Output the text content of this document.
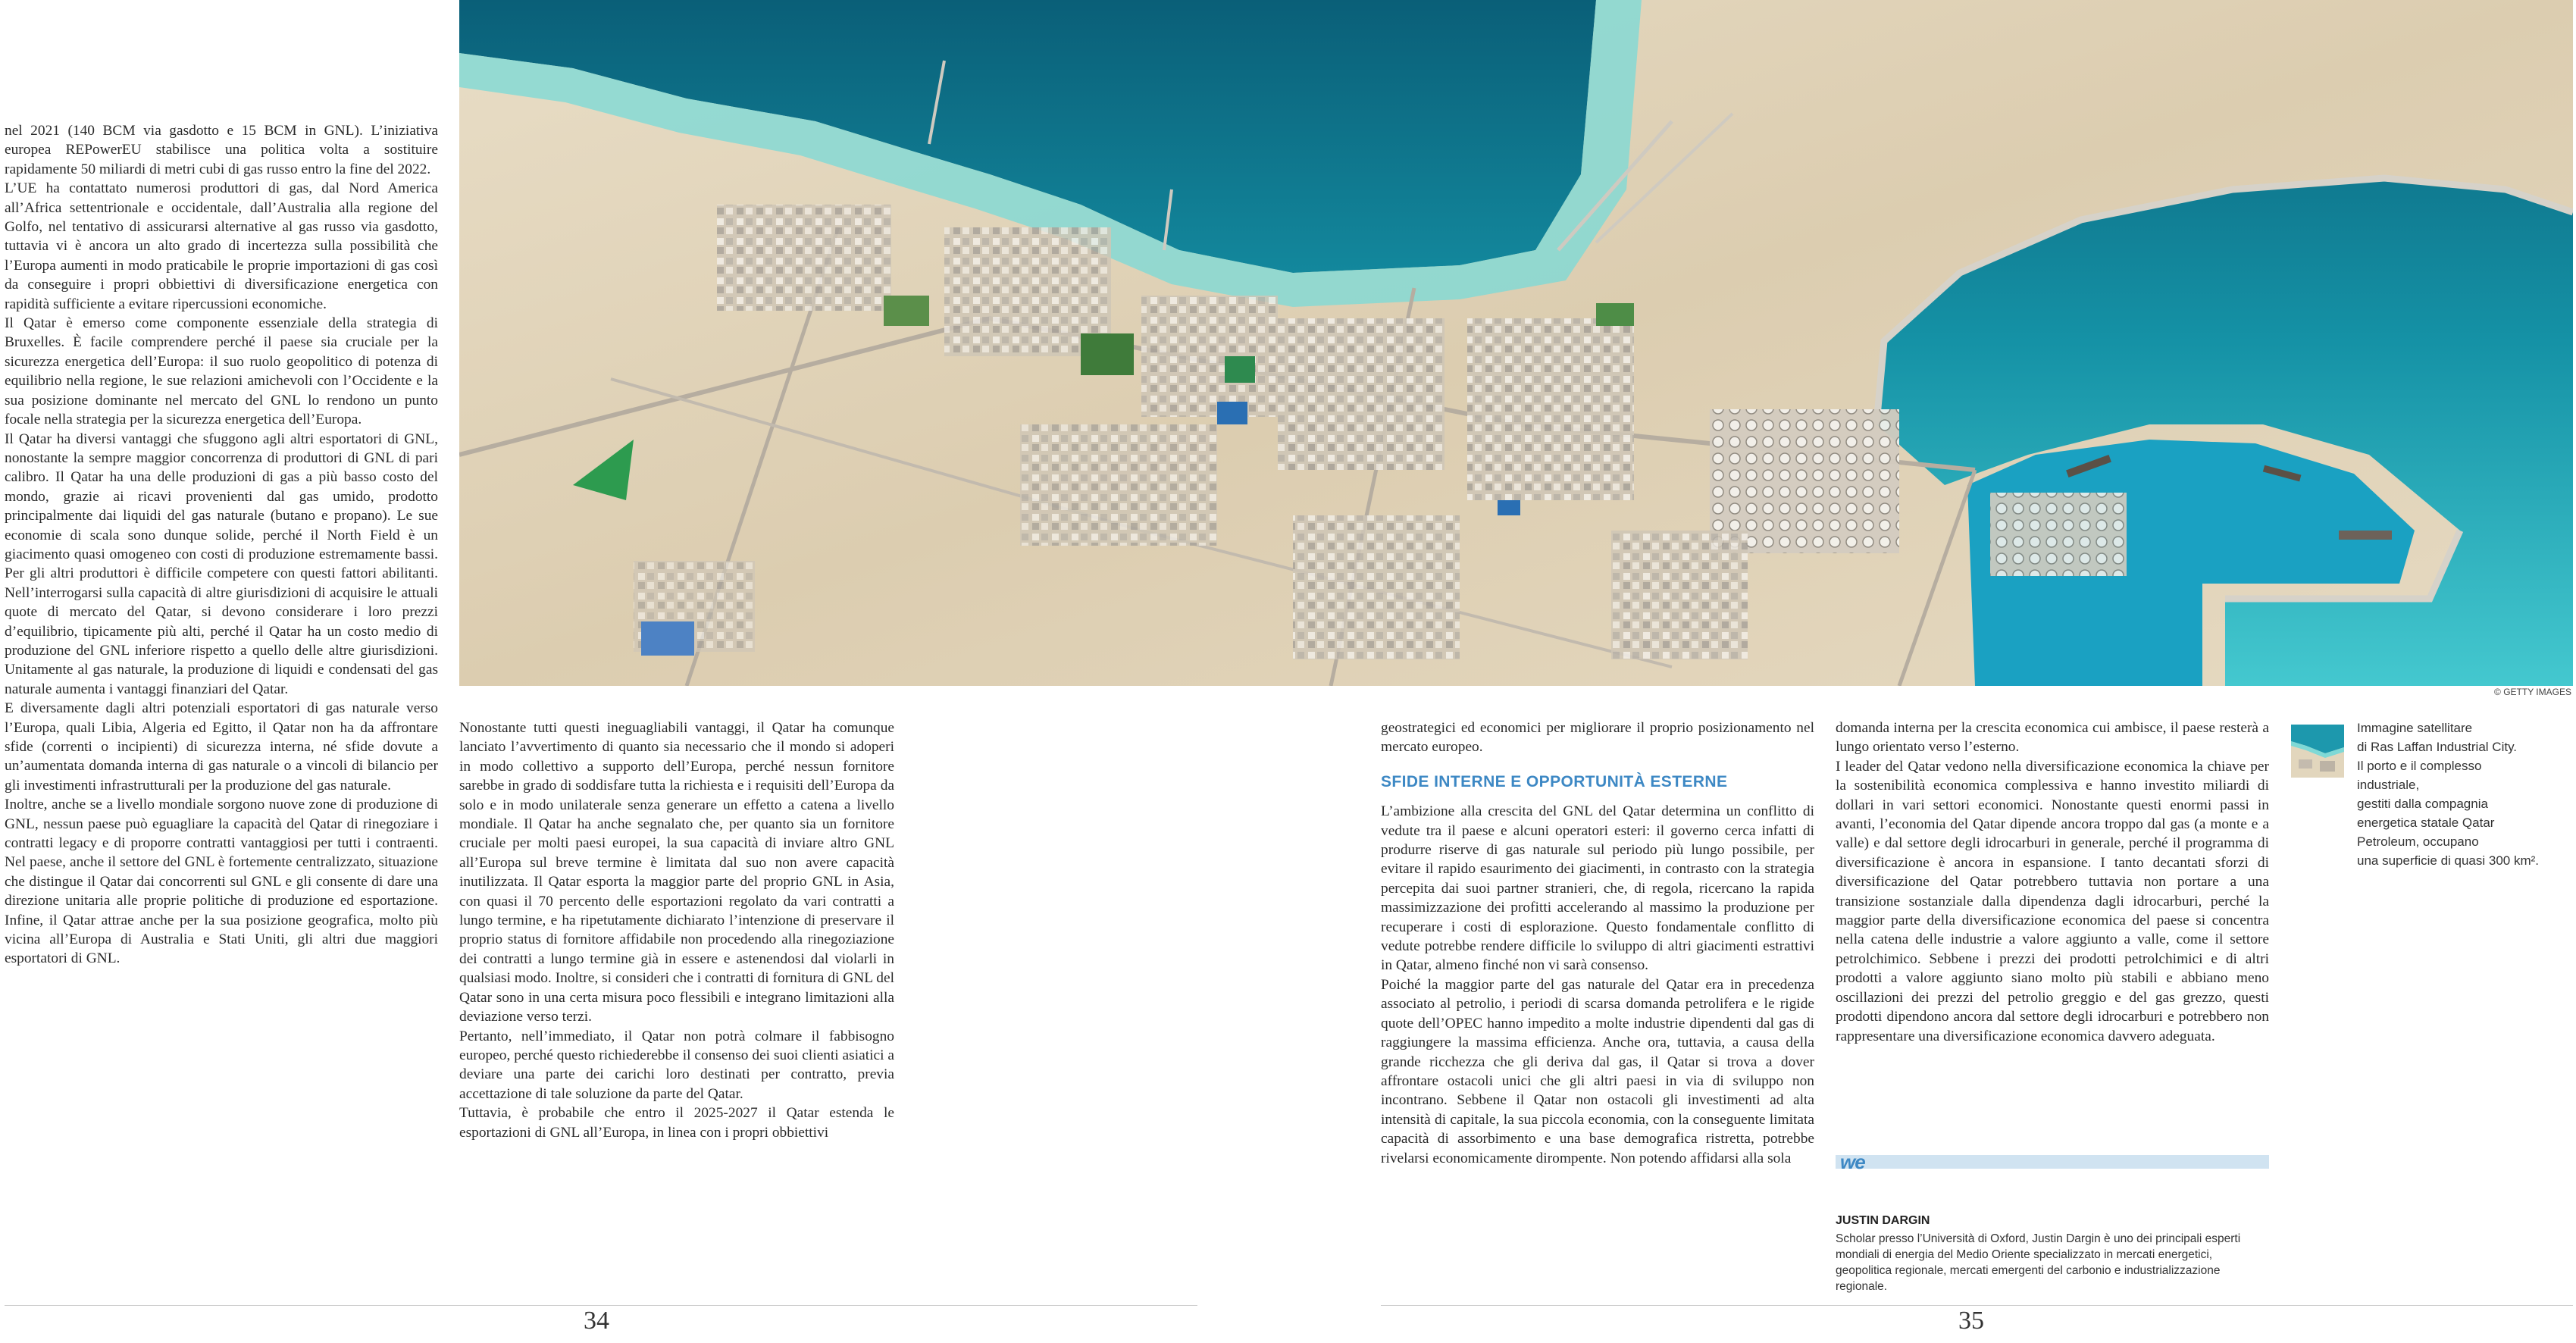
© GETTY IMAGES

nel 2021 (140 BCM via gasdotto e 15 BCM in GNL). L’iniziativa europea REPowerEU stabilisce una politica volta a sostituire rapidamente 50 miliardi di metri cubi di gas russo entro la fine del 2022.

L’UE ha contattato numerosi produttori di gas, dal Nord America all’Africa settentrionale e occidentale, dall’Australia alla regione del Golfo, nel tentativo di assicurarsi alternative al gas russo via gasdotto, tuttavia vi è ancora un alto grado di incertezza sulla possibilità che l’Europa aumenti in modo praticabile le proprie importazioni di gas così da conseguire i propri obbiettivi di diversificazione energetica con rapidità sufficiente a evitare ripercussioni economiche.

Il Qatar è emerso come componente essenziale della strategia di Bruxelles. È facile comprendere perché il paese sia cruciale per la sicurezza energetica dell’Europa: il suo ruolo geopolitico di potenza di equilibrio nella regione, le sue relazioni amichevoli con l’Occidente e la sua posizione dominante nel mercato del GNL lo rendono un punto focale nella strategia per la sicurezza energetica dell’Europa.

Il Qatar ha diversi vantaggi che sfuggono agli altri esportatori di GNL, nonostante la sempre maggior concorrenza di produttori di GNL di pari calibro. Il Qatar ha una delle produzioni di gas a più basso costo del mondo, grazie ai ricavi provenienti dal gas umido, prodotto principalmente dai liquidi del gas naturale (butano e propano). Le sue economie di scala sono dunque solide, perché il North Field è un giacimento quasi omogeneo con costi di produzione estremamente bassi. Per gli altri produttori è difficile competere con questi fattori abilitanti. Nell’interrogarsi sulla capacità di altre giurisdizioni di acquisire le attuali quote di mercato del Qatar, si devono considerare i loro prezzi d’equilibrio, tipicamente più alti, perché il Qatar ha un costo medio di produzione del GNL inferiore rispetto a quello delle altre giurisdizioni. Unitamente al gas naturale, la produzione di liquidi e condensati del gas naturale aumenta i vantaggi finanziari del Qatar.

E diversamente dagli altri potenziali esportatori di gas naturale verso l’Europa, quali Libia, Algeria ed Egitto, il Qatar non ha da affrontare sfide (correnti o incipienti) di sicurezza interna, né sfide dovute a un’aumentata domanda interna di gas naturale o a vincoli di bilancio per gli investimenti infrastrutturali per la produzione del gas naturale.

Inoltre, anche se a livello mondiale sorgono nuove zone di produzione di GNL, nessun paese può eguagliare la capacità del Qatar di rinegoziare i contratti legacy e di proporre contratti vantaggiosi per tutti i contraenti. Nel paese, anche il settore del GNL è fortemente centralizzato, situazione che distingue il Qatar dai concorrenti sul GNL e gli consente di dare una direzione unitaria alle proprie politiche di produzione ed esportazione. Infine, il Qatar attrae anche per la sua posizione geografica, molto più vicina all’Europa di Australia e Stati Uniti, gli altri due maggiori esportatori di GNL.

Nonostante tutti questi ineguagliabili vantaggi, il Qatar ha comunque lanciato l’avvertimento di quanto sia necessario che il mondo si adoperi in modo collettivo a supporto dell’Europa, perché nessun fornitore sarebbe in grado di soddisfare tutta la richiesta e i requisiti dell’Europa da solo e in modo unilaterale senza generare un effetto a catena a livello mondiale. Il Qatar ha anche segnalato che, per quanto sia un fornitore cruciale per molti paesi europei, la sua capacità di inviare altro GNL all’Europa sul breve termine è limitata dal suo non avere capacità inutilizzata. Il Qatar esporta la maggior parte del proprio GNL in Asia, con quasi il 70 percento delle esportazioni regolato da vari contratti a lungo termine, e ha ripetutamente dichiarato l’intenzione di preservare il proprio status di fornitore affidabile non procedendo alla rinegoziazione dei contratti a lungo termine già in essere e astenendosi dal violarli in qualsiasi modo. Inoltre, si consideri che i contratti di fornitura di GNL del Qatar sono in una certa misura poco flessibili e integrano limitazioni alla deviazione verso terzi.

Pertanto, nell’immediato, il Qatar non potrà colmare il fabbisogno europeo, perché questo richiederebbe il consenso dei suoi clienti asiatici a deviare una parte dei carichi loro destinati per contratto, previa accettazione di tale soluzione da parte del Qatar.

Tuttavia, è probabile che entro il 2025-2027 il Qatar estenda le esportazioni di GNL all’Europa, in linea con i propri obbiettivi

geostrategici ed economici per migliorare il proprio posizionamento nel mercato europeo.

SFIDE INTERNE E OPPORTUNITÀ ESTERNE

L’ambizione alla crescita del GNL del Qatar determina un conflitto di vedute tra il paese e alcuni operatori esteri: il governo cerca infatti di produrre riserve di gas naturale sul periodo più lungo possibile, per evitare il rapido esaurimento dei giacimenti, in contrasto con la strategia percepita dai suoi partner stranieri, che, di regola, ricercano la rapida massimizzazione dei profitti accelerando al massimo la produzione per recuperare i costi di esplorazione. Questo fondamentale conflitto di vedute potrebbe rendere difficile lo sviluppo di altri giacimenti estrattivi in Qatar, almeno finché non vi sarà consenso.

Poiché la maggior parte del gas naturale del Qatar era in precedenza associato al petrolio, i periodi di scarsa domanda petrolifera e le rigide quote dell’OPEC hanno impedito a molte industrie dipendenti dal gas di raggiungere la massima efficienza. Anche ora, tuttavia, a causa della grande ricchezza che gli deriva dal gas, il Qatar si trova a dover affrontare ostacoli unici che gli altri paesi in via di sviluppo non incontrano. Sebbene il Qatar non ostacoli gli investimenti ad alta intensità di capitale, la sua piccola economia, con la conseguente limitata capacità di assorbimento e una base demografica ristretta, potrebbe rivelarsi economicamente dirompente. Non potendo affidarsi alla sola

domanda interna per la crescita economica cui ambisce, il paese resterà a lungo orientato verso l’esterno.

I leader del Qatar vedono nella diversificazione economica la chiave per la sostenibilità economica complessiva e hanno investito miliardi di dollari in vari settori economici. Nonostante questi enormi passi in avanti, l’economia del Qatar dipende ancora troppo dal gas (a monte e a valle) e dal settore degli idrocarburi in generale, perché il programma di diversificazione è ancora in espansione. I tanto decantati sforzi di diversificazione del Qatar potrebbero tuttavia non portare a una transizione sostanziale dalla dipendenza dagli idrocarburi, perché la maggior parte della diversificazione economica del paese si concentra nella catena delle industrie a valore aggiunto a valle, come il settore petrolchimico. Sebbene i prezzi dei prodotti petrolchimici e di altri prodotti a valore aggiunto siano molto più stabili e abbiano meno oscillazioni dei prezzi del petrolio greggio e del gas grezzo, questi prodotti dipendono ancora dal settore degli idrocarburi e potrebbero non rappresentare una diversificazione economica davvero adeguata.

we
JUSTIN DARGIN
Scholar presso l’Università di Oxford, Justin Dargin è uno dei principali esperti mondiali di energia del Medio Oriente specializzato in mercati energetici, geopolitica regionale, mercati emergenti del carbonio e industrializzazione regionale.

Immagine satellitare

di Ras Laffan Industrial City.

Il porto e il complesso industriale,

gestiti dalla compagnia

energetica statale Qatar

Petroleum, occupano

una superficie di quasi 300 km².

34	35
